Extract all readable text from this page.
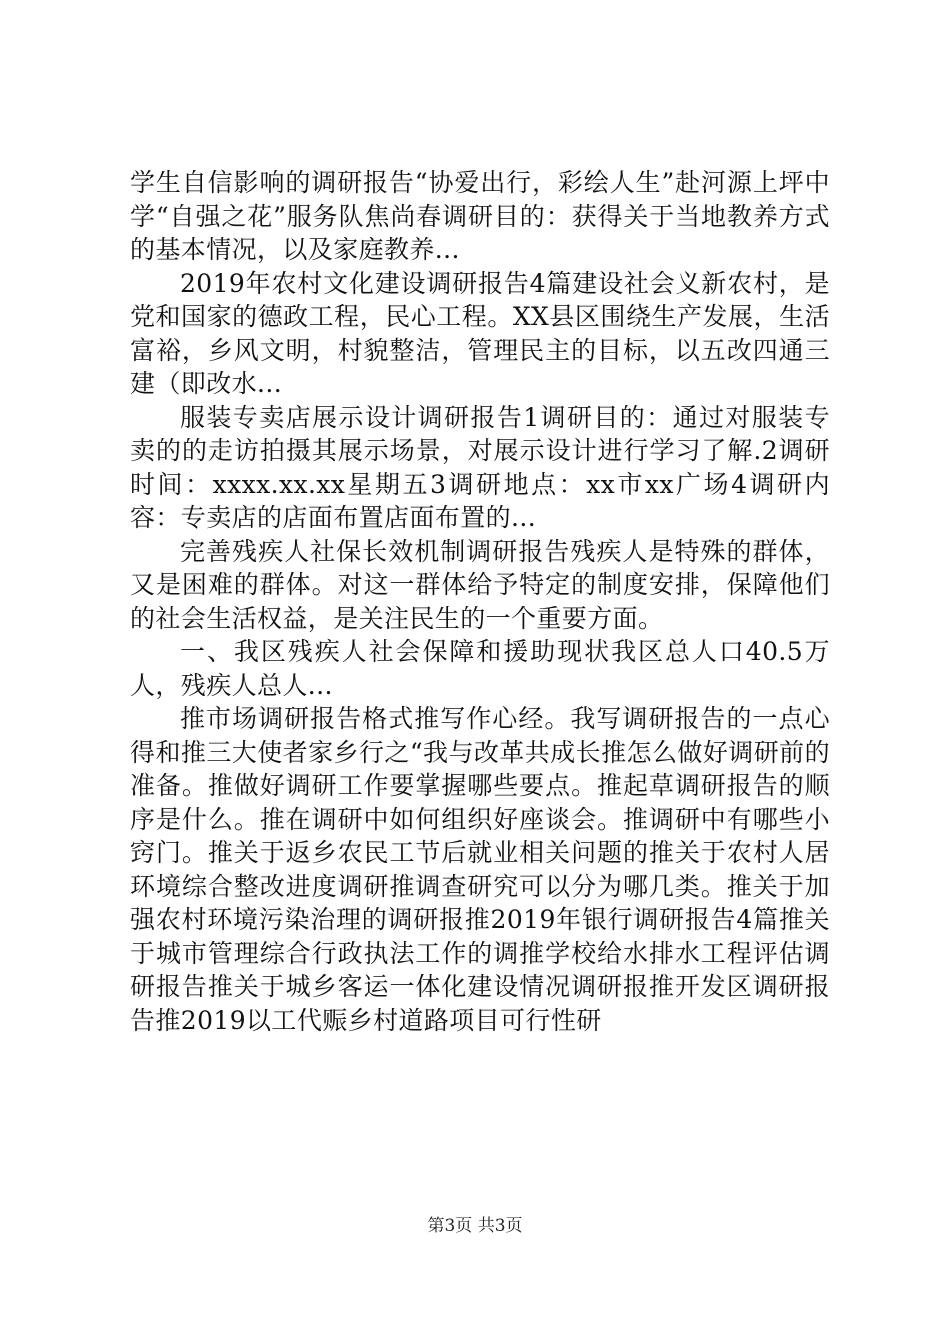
学生自信影响的调研报告“协爱出行，彩绘人生”赴河源上坪中学“自强之花”服务队焦尚春调研目的：获得关于当地教养方式的基本情况，以及家庭教养...

2019年农村文化建设调研报告4篇建设社会义新农村，是党和国家的德政工程，民心工程。XX县区围绕生产发展，生活富裕，乡风文明，村貌整洁，管理民主的目标，以五改四通三建（即改水...

服装专卖店展示设计调研报告1调研目的：通过对服装专卖的的走访拍摄其展示场景，对展示设计进行学习了解.2调研时间：xxxx.xx.xx星期五3调研地点：xx市xx广场4调研内容：专卖店的店面布置店面布置的...

完善残疾人社保长效机制调研报告残疾人是特殊的群体，又是困难的群体。对这一群体给予特定的制度安排，保障他们的社会生活权益，是关注民生的一个重要方面。

一、我区残疾人社会保障和援助现状我区总人口40.5万人，残疾人总人...

推市场调研报告格式推写作心经。我写调研报告的一点心得和推三大使者家乡行之“我与改革共成长推怎么做好调研前的准备。推做好调研工作要掌握哪些要点。推起草调研报告的顺序是什么。推在调研中如何组织好座谈会。推调研中有哪些小窍门。推关于返乡农民工节后就业相关问题的推关于农村人居环境综合整改进度调研推调查研究可以分为哪几类。推关于加强农村环境污染治理的调研报推2019年银行调研报告4篇推关于城市管理综合行政执法工作的调推学校给水排水工程评估调研报告推关于城乡客运一体化建设情况调研报推开发区调研报告推2019以工代赈乡村道路项目可行性研

第3页 共3页
